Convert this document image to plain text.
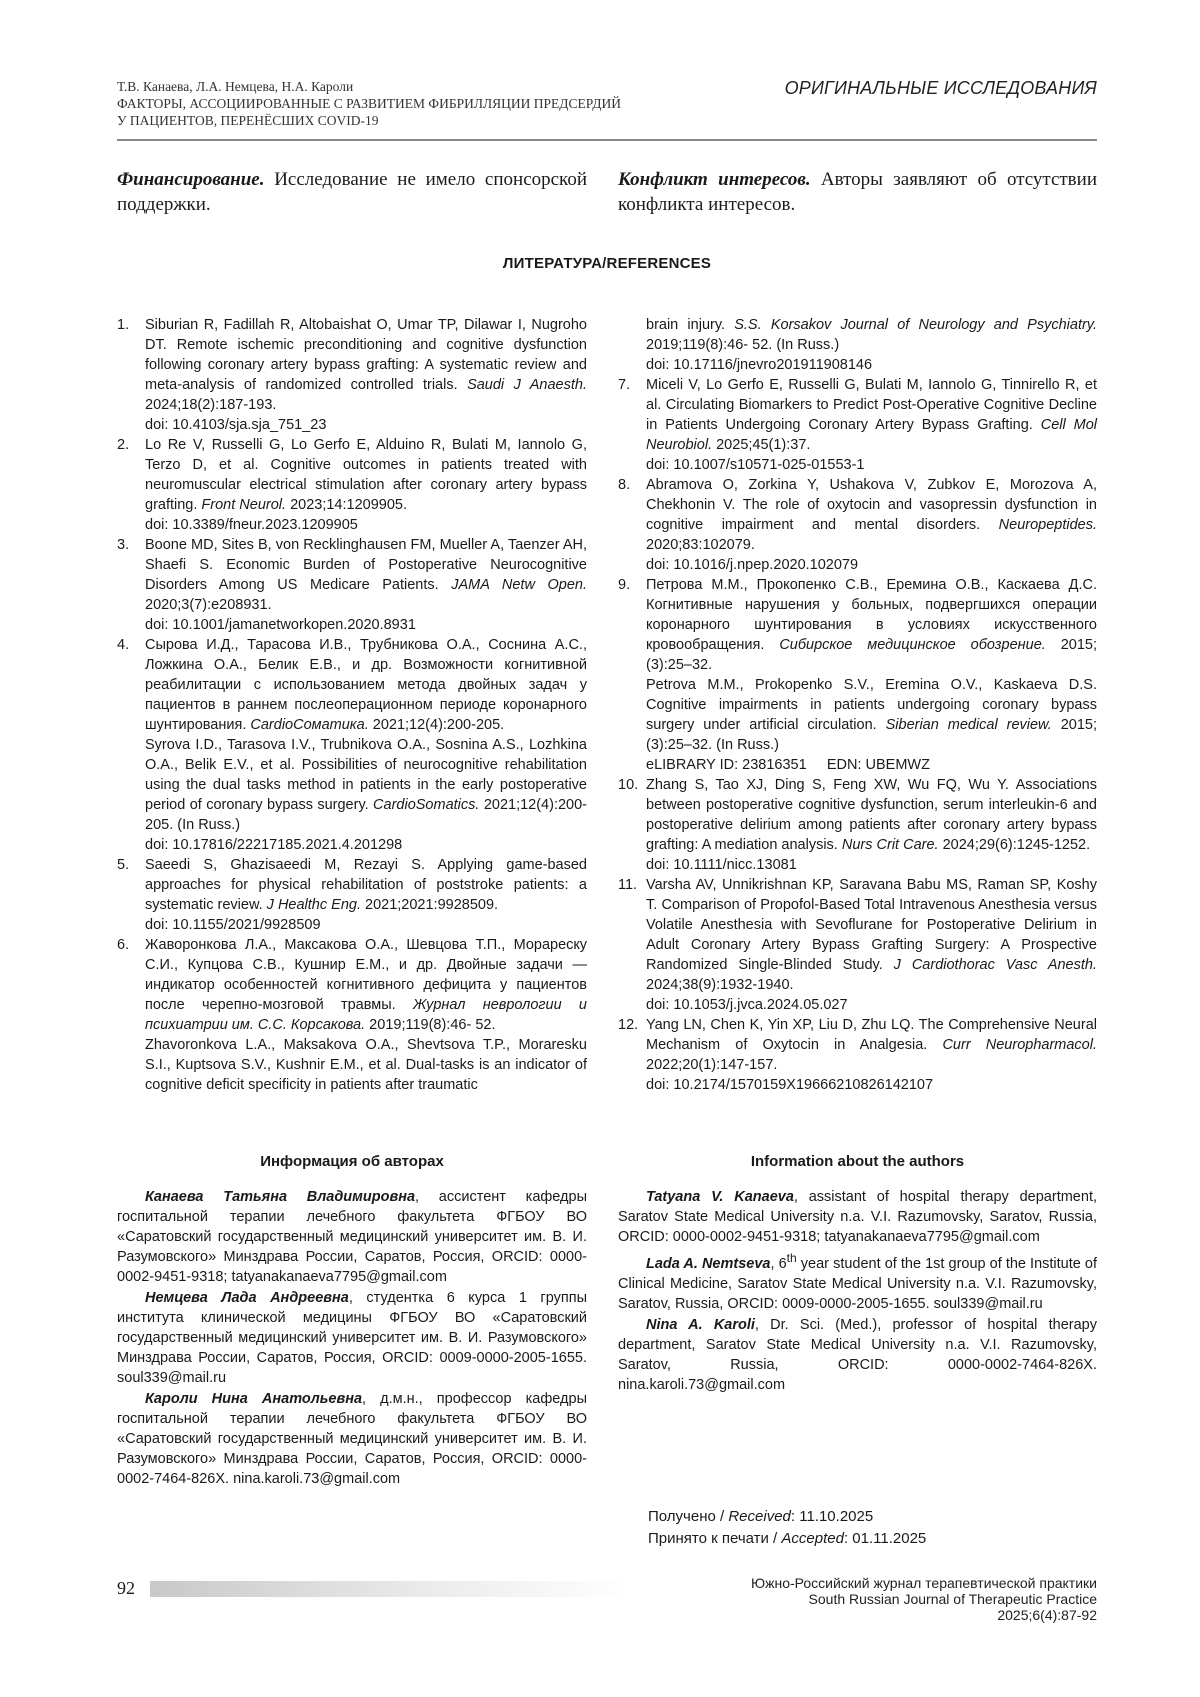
Т.В. Канаева, Л.А. Немцева, Н.А. Кароли
ФАКТОРЫ, АССОЦИИРОВАННЫЕ С РАЗВИТИЕМ ФИБРИЛЛЯЦИИ ПРЕДСЕРДИЙ
У ПАЦИЕНТОВ, ПЕРЕНЁСШИХ COVID-19
ОРИГИНАЛЬНЫЕ ИССЛЕДОВАНИЯ
Финансирование. Исследование не имело спонсорской поддержки.
Конфликт интересов. Авторы заявляют об отсутствии конфликта интересов.
ЛИТЕРАТУРА/REFERENCES
1.	Siburian R, Fadillah R, Altobaishat O, Umar TP, Dilawar I, Nugroho DT. Remote ischemic preconditioning and cognitive dysfunction following coronary artery bypass grafting: A systematic review and meta-analysis of randomized controlled trials. Saudi J Anaesth. 2024;18(2):187-193.
doi: 10.4103/sja.sja_751_23
2.	Lo Re V, Russelli G, Lo Gerfo E, Alduino R, Bulati M, Iannolo G, Terzo D, et al. Cognitive outcomes in patients treated with neuromuscular electrical stimulation after coronary artery bypass grafting. Front Neurol. 2023;14:1209905.
doi: 10.3389/fneur.2023.1209905
3.	Boone MD, Sites B, von Recklinghausen FM, Mueller A, Taenzer AH, Shaefi S. Economic Burden of Postoperative Neurocognitive Disorders Among US Medicare Patients. JAMA Netw Open. 2020;3(7):e208931.
doi: 10.1001/jamanetworkopen.2020.8931
4.	Сырова И.Д., Тарасова И.В., Трубникова О.А., Соснина А.С., Ложкина О.А., Белик Е.В., и др. Возможности когнитивной реабилитации с использованием метода двойных задач у пациентов в раннем послеоперационном периоде коронарного шунтирования. CardioСоматика. 2021;12(4):200-205.
Syrova I.D., Tarasova I.V., Trubnikova O.A., Sosnina A.S., Lozhkina O.A., Belik E.V., et al. Possibilities of neurocognitive rehabilitation using the dual tasks method in patients in the early postoperative period of coronary bypass surgery. CardioSomatics. 2021;12(4):200-205. (In Russ.)
doi: 10.17816/22217185.2021.4.201298
5.	Saeedi S, Ghazisaeedi M, Rezayi S. Applying game-based approaches for physical rehabilitation of poststroke patients: a systematic review. J Healthc Eng. 2021;2021:9928509.
doi: 10.1155/2021/9928509
6.	Жаворонкова Л.А., Максакова О.А., Шевцова Т.П., Морарескy С.И., Купцова С.В., Кушнир Е.М., и др. Двойные задачи — индикатор особенностей когнитивного дефицита у пациентов после черепно-мозговой травмы. Журнал неврологии и психиатрии им. С.С. Корсакова. 2019;119(8):46- 52.
Zhavoronkova L.A., Maksakova O.A., Shevtsova T.P., Moraresku S.I., Kuptsova S.V., Kushnir E.M., et al. Dual-tasks is an indicator of cognitive deficit specificity in patients after traumatic
brain injury. S.S. Korsakov Journal of Neurology and Psychiatry. 2019;119(8):46- 52. (In Russ.)
doi: 10.17116/jnevro201911908146
7.	Miceli V, Lo Gerfo E, Russelli G, Bulati M, Iannolo G, Tinnirello R, et al. Circulating Biomarkers to Predict Post-Operative Cognitive Decline in Patients Undergoing Coronary Artery Bypass Grafting. Cell Mol Neurobiol. 2025;45(1):37.
doi: 10.1007/s10571-025-01553-1
8.	Abramova O, Zorkina Y, Ushakova V, Zubkov E, Morozova A, Chekhonin V. The role of oxytocin and vasopressin dysfunction in cognitive impairment and mental disorders. Neuropeptides. 2020;83:102079.
doi: 10.1016/j.npep.2020.102079
9.	Петрова М.М., Прокопенко С.В., Еремина О.В., Каскаева Д.С. Когнитивные нарушения у больных, подвергшихся операции коронарного шунтирования в условиях искусственного кровообращения. Сибирское медицинское обозрение. 2015;(3):25–32.
Petrova M.M., Prokopenko S.V., Eremina O.V., Kaskaeva D.S. Cognitive impairments in patients undergoing coronary bypass surgery under artificial circulation. Siberian medical review. 2015;(3):25–32. (In Russ.)
eLIBRARY ID: 23816351     EDN: UBEMWZ
10. Zhang S, Tao XJ, Ding S, Feng XW, Wu FQ, Wu Y. Associations between postoperative cognitive dysfunction, serum interleukin-6 and postoperative delirium among patients after coronary artery bypass grafting: A mediation analysis. Nurs Crit Care. 2024;29(6):1245-1252.
doi: 10.1111/nicc.13081
11. Varsha AV, Unnikrishnan KP, Saravana Babu MS, Raman SP, Koshy T. Comparison of Propofol-Based Total Intravenous Anesthesia versus Volatile Anesthesia with Sevoflurane for Postoperative Delirium in Adult Coronary Artery Bypass Grafting Surgery: A Prospective Randomized Single-Blinded Study. J Cardiothorac Vasc Anesth. 2024;38(9):1932-1940.
doi: 10.1053/j.jvca.2024.05.027
12. Yang LN, Chen K, Yin XP, Liu D, Zhu LQ. The Comprehensive Neural Mechanism of Oxytocin in Analgesia. Curr Neuropharmacol. 2022;20(1):147-157.
doi: 10.2174/1570159X19666210826142107
Информация об авторах	Information about the authors

Канаева Татьяна Владимировна, ассистент кафедры госпитальной терапии лечебного факультета ФГБОУ ВО «Саратовский государственный медицинский университет им. В. И. Разумовского» Минздрава России, Саратов, Россия, ORCID: 0000-0002-9451-9318; tatyanakanaeva7795@gmail.com

Немцева Лада Андреевна, студентка 6 курса 1 группы института клинической медицины ФГБОУ ВО «Саратовский государственный медицинский университет им. В. И. Разумовского» Минздрава России, Саратов, Россия, ORCID: 0009-0000-2005-1655. soul339@mail.ru

Кароли Нина Анатольевна, д.м.н., профессор кафедры госпитальной терапии лечебного факультета ФГБОУ ВО «Саратовский государственный медицинский университет им. В. И. Разумовского» Минздрава России, Саратов, Россия, ORCID: 0000-0002-7464-826X. nina.karoli.73@gmail.com

Tatyana V. Kanaeva, assistant of hospital therapy department, Saratov State Medical University n.a. V.I. Razumovsky, Saratov, Russia, ORCID: 0000-0002-9451-9318; tatyanakanaeva7795@gmail.com

Lada A. Nemtseva, 6th year student of the 1st group of the Institute of Clinical Medicine, Saratov State Medical University n.a. V.I. Razumovsky, Saratov, Russia, ORCID: 0009-0000-2005-1655. soul339@mail.ru

Nina A. Karoli, Dr. Sci. (Med.), professor of hospital therapy department, Saratov State Medical University n.a. V.I. Razumovsky, Saratov, Russia, ORCID: 0000-0002-7464-826X. nina.karoli.73@gmail.com

Получено / Received: 11.10.2025
Принято к печати / Accepted: 01.11.2025
92	Южно-Российский журнал терапевтической практики
South Russian Journal of Therapeutic Practice
2025;6(4):87-92
